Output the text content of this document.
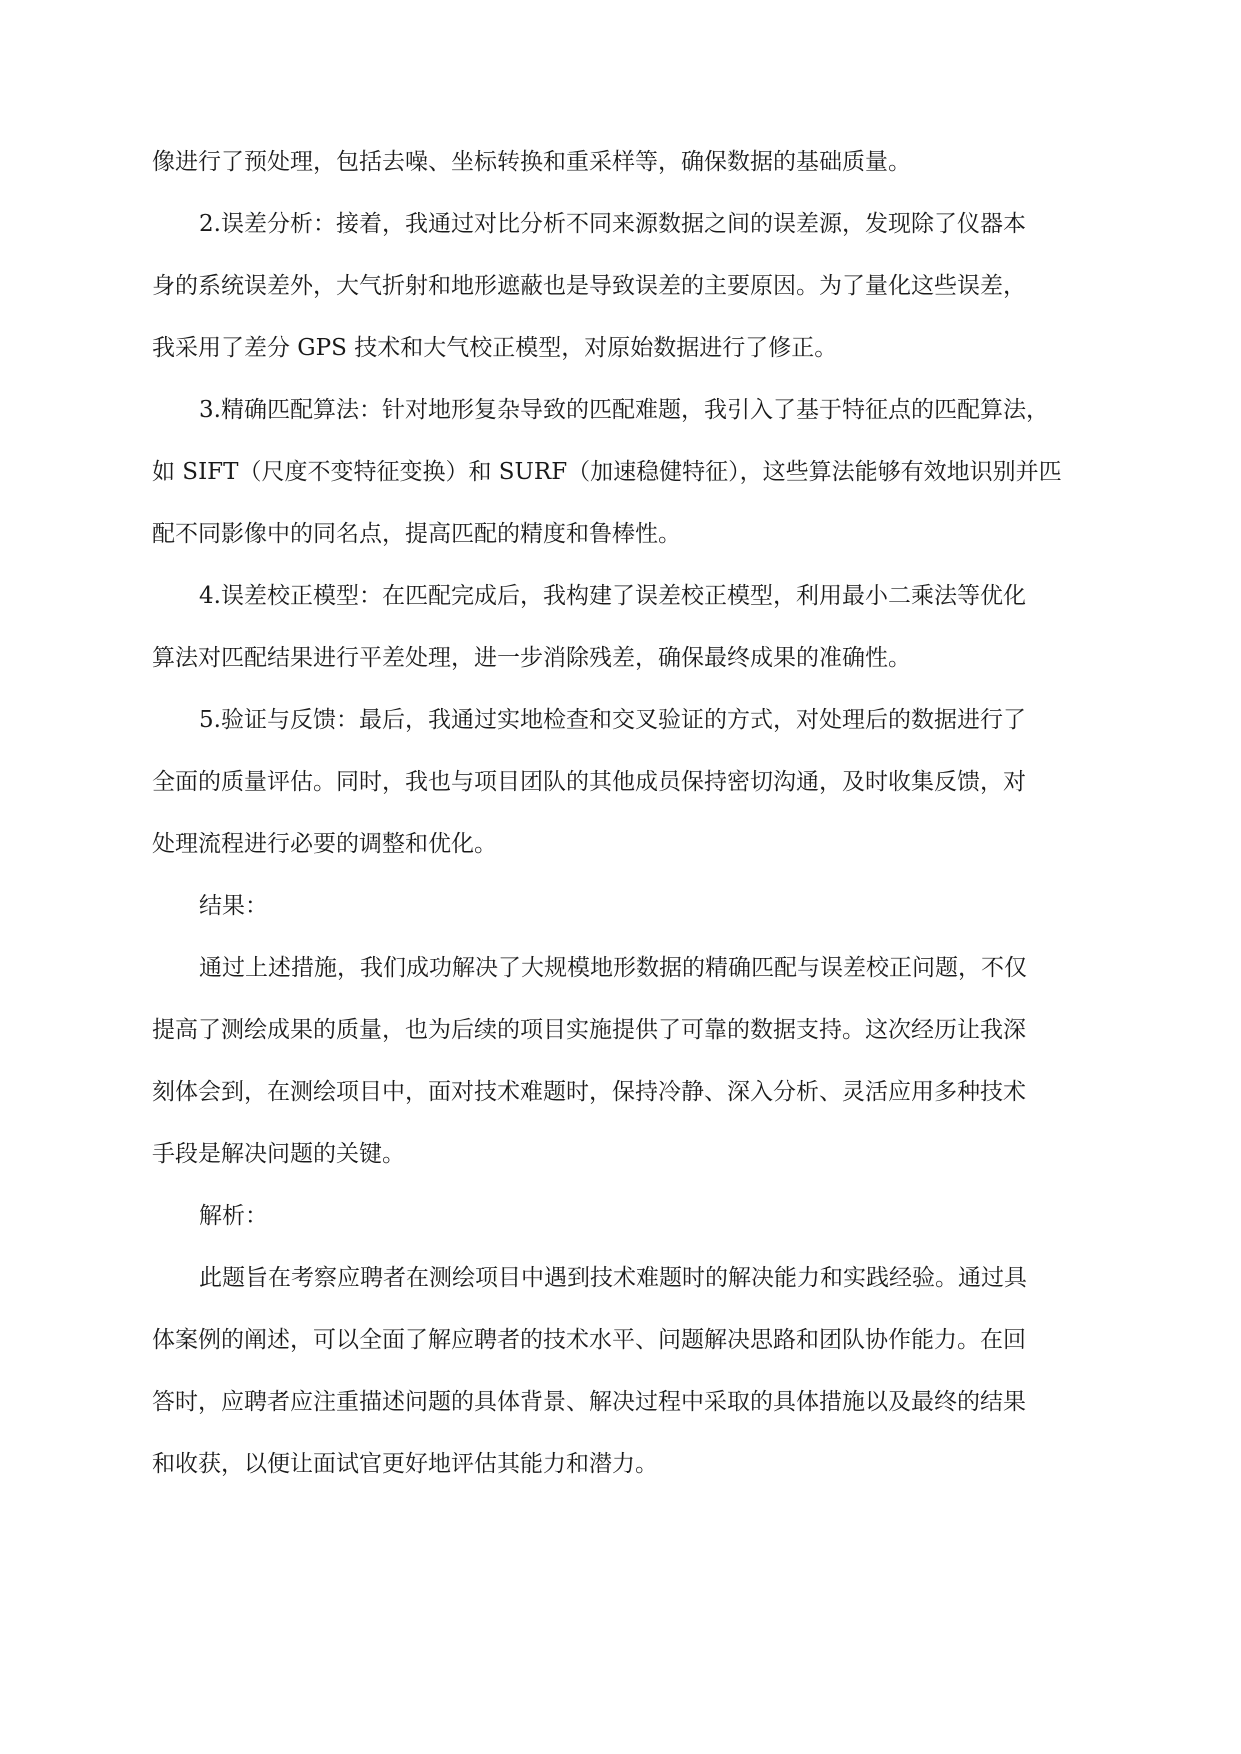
像进行了预处理，包括去噪、坐标转换和重采样等，确保数据的基础质量。
2.误差分析：接着，我通过对比分析不同来源数据之间的误差源，发现除了仪器本
身的系统误差外，大气折射和地形遮蔽也是导致误差的主要原因。为了量化这些误差，
我采用了差分 GPS 技术和大气校正模型，对原始数据进行了修正。
3.精确匹配算法：针对地形复杂导致的匹配难题，我引入了基于特征点的匹配算法，
如 SIFT（尺度不变特征变换）和 SURF（加速稳健特征），这些算法能够有效地识别并匹
配不同影像中的同名点，提高匹配的精度和鲁棒性。
4.误差校正模型：在匹配完成后，我构建了误差校正模型，利用最小二乘法等优化
算法对匹配结果进行平差处理，进一步消除残差，确保最终成果的准确性。
5.验证与反馈：最后，我通过实地检查和交叉验证的方式，对处理后的数据进行了
全面的质量评估。同时，我也与项目团队的其他成员保持密切沟通，及时收集反馈，对
处理流程进行必要的调整和优化。
结果：
通过上述措施，我们成功解决了大规模地形数据的精确匹配与误差校正问题，不仅
提高了测绘成果的质量，也为后续的项目实施提供了可靠的数据支持。这次经历让我深
刻体会到，在测绘项目中，面对技术难题时，保持冷静、深入分析、灵活应用多种技术
手段是解决问题的关键。
解析：
此题旨在考察应聘者在测绘项目中遇到技术难题时的解决能力和实践经验。通过具
体案例的阐述，可以全面了解应聘者的技术水平、问题解决思路和团队协作能力。在回
答时，应聘者应注重描述问题的具体背景、解决过程中采取的具体措施以及最终的结果
和收获，以便让面试官更好地评估其能力和潜力。
